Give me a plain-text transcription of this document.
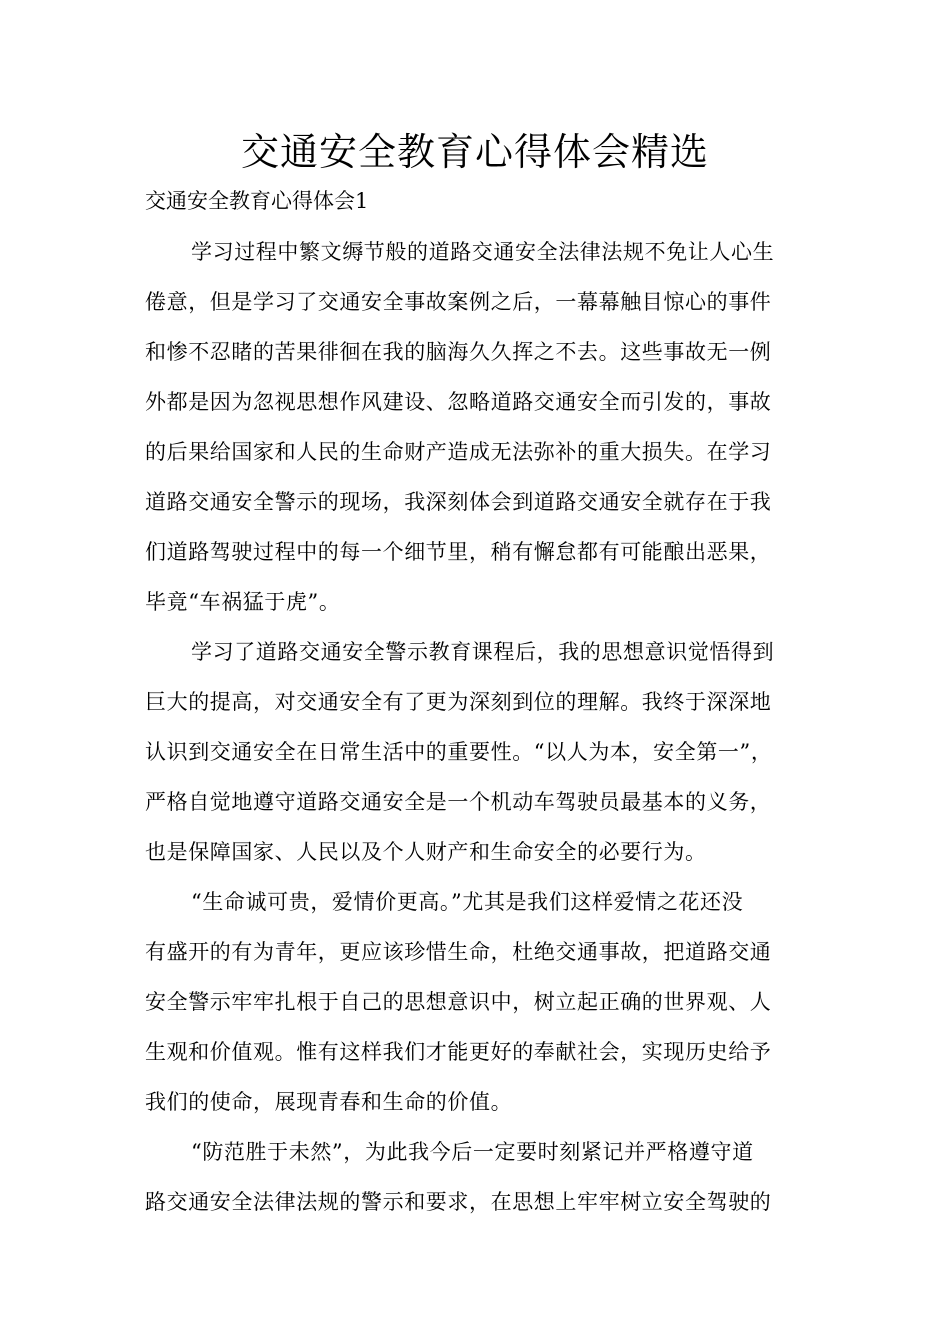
交通安全教育心得体会精选
交通安全教育心得体会1
学习过程中繁文缛节般的道路交通安全法律法规不免让人心生
倦意，但是学习了交通安全事故案例之后，一幕幕触目惊心的事件
和惨不忍睹的苦果徘徊在我的脑海久久挥之不去。这些事故无一例
外都是因为忽视思想作风建设、忽略道路交通安全而引发的，事故
的后果给国家和人民的生命财产造成无法弥补的重大损失。在学习
道路交通安全警示的现场，我深刻体会到道路交通安全就存在于我
们道路驾驶过程中的每一个细节里，稍有懈怠都有可能酿出恶果，
毕竟“车祸猛于虎”。
学习了道路交通安全警示教育课程后，我的思想意识觉悟得到
巨大的提高，对交通安全有了更为深刻到位的理解。我终于深深地
认识到交通安全在日常生活中的重要性。“以人为本，安全第一”，
严格自觉地遵守道路交通安全是一个机动车驾驶员最基本的义务，
也是保障国家、人民以及个人财产和生命安全的必要行为。
“生命诚可贵，爱情价更高。”尤其是我们这样爱情之花还没
有盛开的有为青年，更应该珍惜生命，杜绝交通事故，把道路交通
安全警示牢牢扎根于自己的思想意识中，树立起正确的世界观、人
生观和价值观。惟有这样我们才能更好的奉献社会，实现历史给予
我们的使命，展现青春和生命的价值。
“防范胜于未然”，为此我今后一定要时刻紧记并严格遵守道
路交通安全法律法规的警示和要求，在思想上牢牢树立安全驾驶的
